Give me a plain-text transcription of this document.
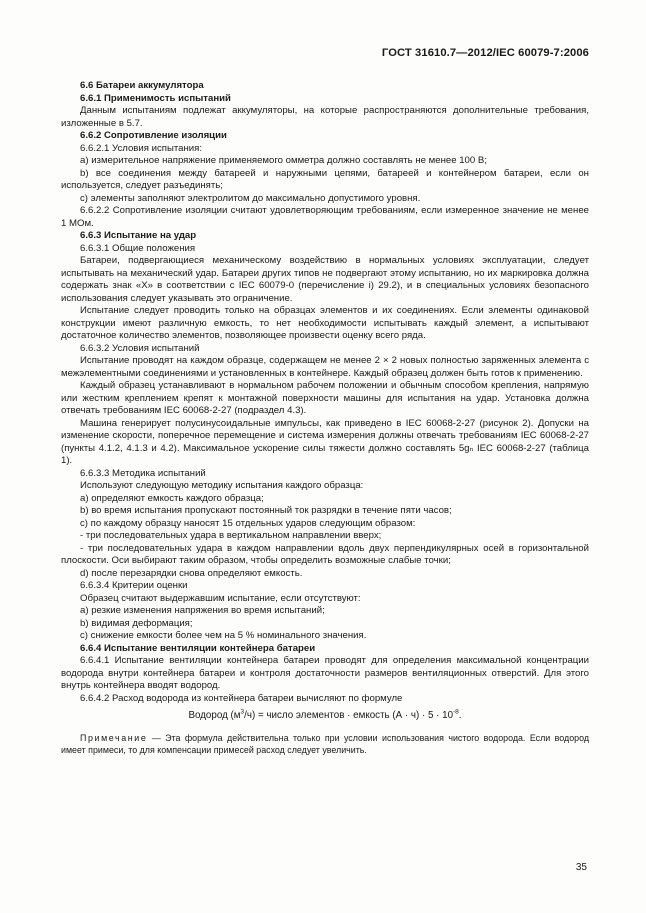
ГОСТ 31610.7—2012/IEC 60079-7:2006

6.6 Батареи аккумулятора

6.6.1 Применимость испытаний

Данным испытаниям подлежат аккумуляторы, на которые распространяются дополнительные требования, изложенные в 5.7.

6.6.2 Сопротивление изоляции

6.6.2.1 Условия испытания:

а) измерительное напряжение применяемого омметра должно составлять не менее 100 В;

b) все соединения между батареей и наружными цепями, батареей и контейнером батареи, если он используется, следует разъединять;

c) элементы заполняют электролитом до максимально допустимого уровня.

6.6.2.2 Сопротивление изоляции считают удовлетворяющим требованиям, если измеренное значение не менее 1 МОм.

6.6.3 Испытание на удар

6.6.3.1 Общие положения

Батареи, подвергающиеся механическому воздействию в нормальных условиях эксплуатации, следует испытывать на механический удар. Батареи других типов не подвергают этому испытанию, но их маркировка должна содержать знак «X» в соответствии с IEC 60079-0 (перечисление i) 29.2), и в специальных условиях безопасного использования следует указывать это ограничение.

Испытание следует проводить только на образцах элементов и их соединениях. Если элементы одинаковой конструкции имеют различную емкость, то нет необходимости испытывать каждый элемент, а испытывают достаточное количество элементов, позволяющее произвести оценку всего ряда.

6.6.3.2 Условия испытаний

Испытание проводят на каждом образце, содержащем не менее 2 × 2 новых полностью заряженных элемента с межэлементными соединениями и установленных в контейнере. Каждый образец должен быть готов к применению.

Каждый образец устанавливают в нормальном рабочем положении и обычным способом крепления, напрямую или жестким креплением крепят к монтажной поверхности машины для испытания на удар. Установка должна отвечать требованиям IEC 60068-2-27 (подраздел 4.3).

Машина генерирует полусинусоидальные импульсы, как приведено в IEC 60068-2-27 (рисунок 2). Допуски на изменение скорости, поперечное перемещение и система измерения должны отвечать требованиям IEC 60068-2-27 (пункты 4.1.2, 4.1.3 и 4.2). Максимальное ускорение силы тяжести должно составлять 5gₙ IEC 60068-2-27 (таблица 1).

6.6.3.3 Методика испытаний

Используют следующую методику испытания каждого образца:

a) определяют емкость каждого образца;

b) во время испытания пропускают постоянный ток разрядки в течение пяти часов;

c) по каждому образцу наносят 15 отдельных ударов следующим образом:

- три последовательных удара в вертикальном направлении вверх;

- три последовательных удара в каждом направлении вдоль двух перпендикулярных осей в горизонтальной плоскости. Оси выбирают таким образом, чтобы определить возможные слабые точки;

d) после перезарядки снова определяют емкость.

6.6.3.4 Критерии оценки

Образец считают выдержавшим испытание, если отсутствуют:

a) резкие изменения напряжения во время испытаний;

b) видимая деформация;

c) снижение емкости более чем на 5 % номинального значения.

6.6.4 Испытание вентиляции контейнера батареи

6.6.4.1 Испытание вентиляции контейнера батареи проводят для определения максимальной концентрации водорода внутри контейнера батареи и контроля достаточности размеров вентиляционных отверстий. Для этого внутрь контейнера вводят водород.

6.6.4.2 Расход водорода из контейнера батареи вычисляют по формуле

Водород $(м^3/ч)$ = число элементов · емкость $(А \cdot ч) \cdot 5 \cdot 10^{-8}$.

Примечание — Эта формула действительна только при условии использования чистого водорода. Если водород имеет примеси, то для компенсации примесей расход следует увеличить.

35
